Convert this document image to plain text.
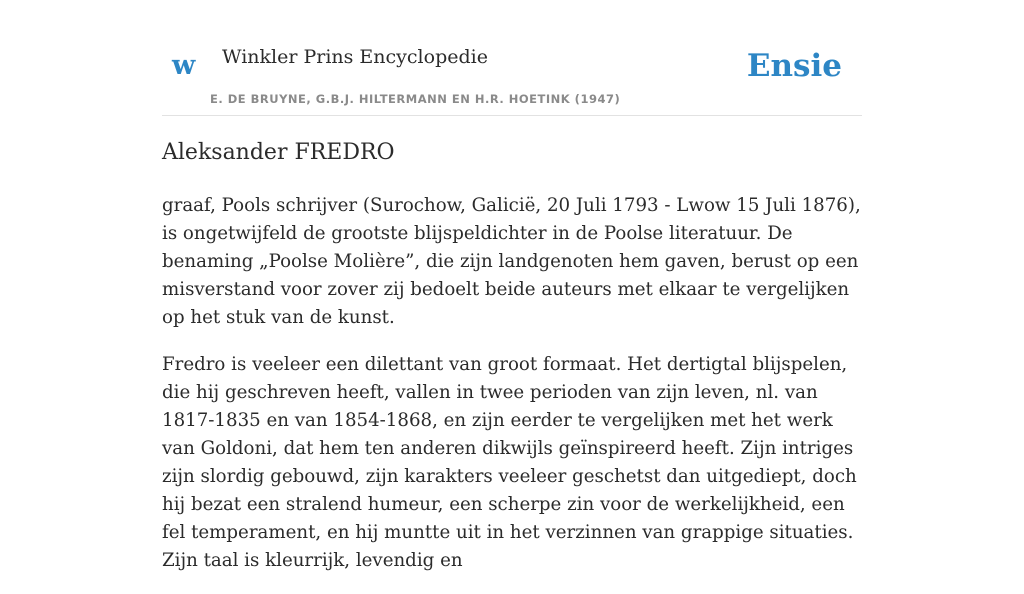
w Winkler Prins Encyclopedie
E. DE BRUYNE, G.B.J. HILTERMANN EN H.R. HOETINK (1947)
Ensie
Aleksander FREDRO

graaf, Pools schrijver (Surochow, Galicië, 20 Juli 1793 - Lwow 15 Juli 1876), is ongetwijfeld de grootste blijspeldichter in de Poolse literatuur. De benaming „Poolse Molière”, die zijn landgenoten hem gaven, berust op een misverstand voor zover zij bedoelt beide auteurs met elkaar te vergelijken op het stuk van de kunst.

Fredro is veeleer een dilettant van groot formaat. Het dertigtal blijspelen, die hij geschreven heeft, vallen in twee perioden van zijn leven, nl. van 1817-1835 en van 1854-1868, en zijn eerder te vergelijken met het werk van Goldoni, dat hem ten anderen dikwijls geïnspireerd heeft. Zijn intriges zijn slordig gebouwd, zijn karakters veeleer geschetst dan uitgediept, doch hij bezat een stralend humeur, een scherpe zin voor de werkelijkheid, een fel temperament, en hij muntte uit in het verzinnen van grappige situaties. Zijn taal is kleurrijk, levendig en
